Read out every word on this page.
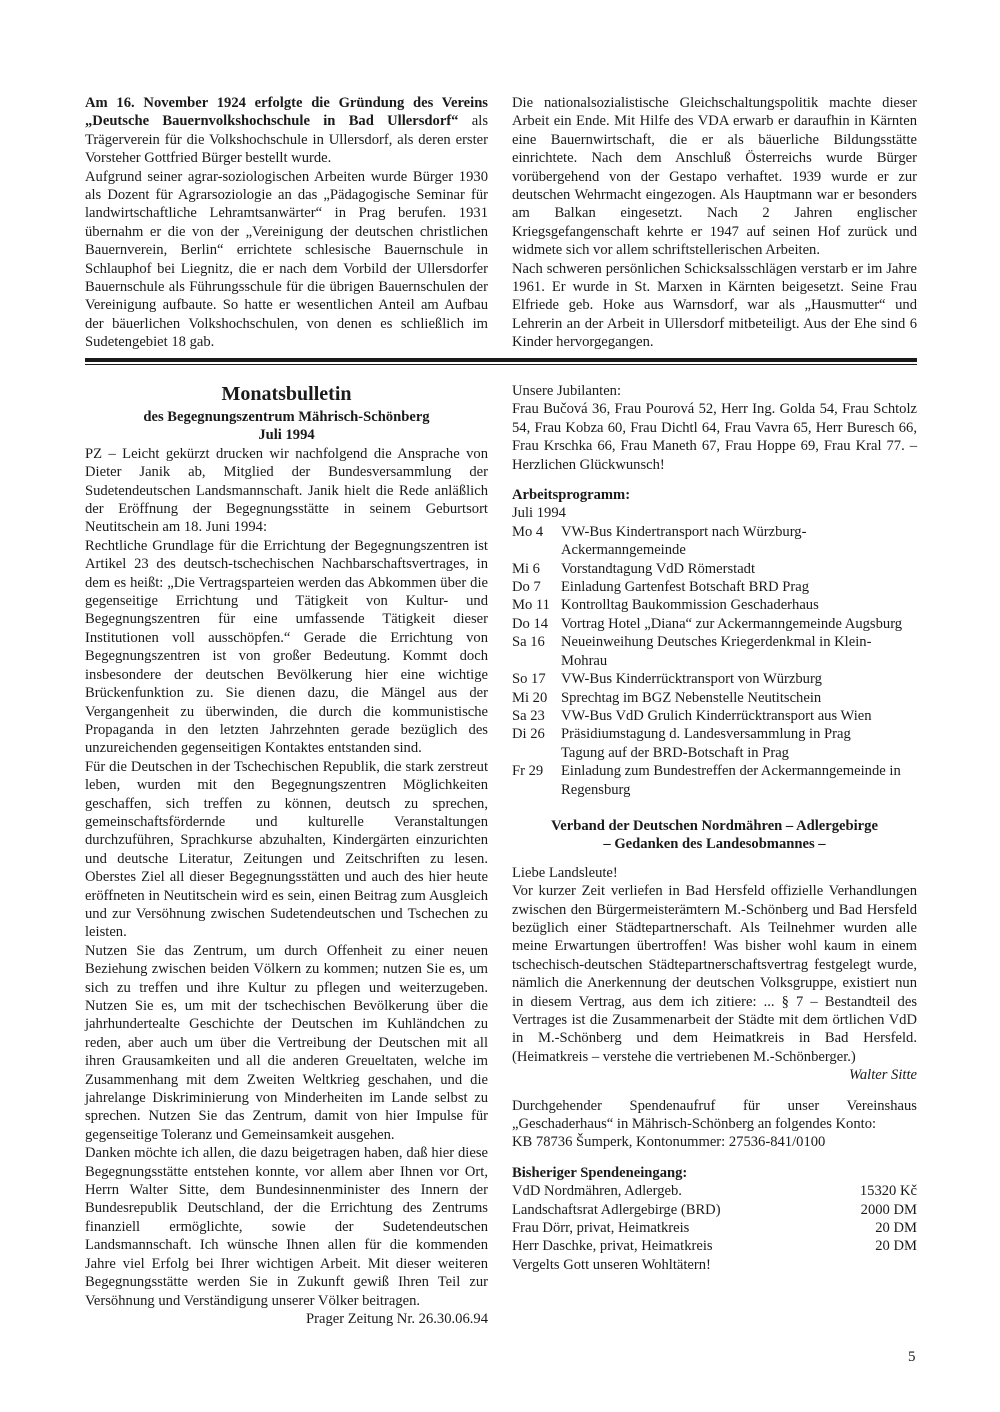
Am 16. November 1924 erfolgte die Gründung des Vereins „Deutsche Bauernvolkshochschule in Bad Ullersdorf“ als Trägerverein für die Volkshochschule in Ullersdorf, als deren erster Vorsteher Gottfried Bürger bestellt wurde.

Aufgrund seiner agrar-soziologischen Arbeiten wurde Bürger 1930 als Dozent für Agrarsoziologie an das „Pädagogische Seminar für landwirtschaftliche Lehramtsanwärter“ in Prag berufen. 1931 übernahm er die von der „Vereinigung der deutschen christlichen Bauernverein, Berlin“ errichtete schlesische Bauernschule in Schlauphof bei Liegnitz, die er nach dem Vorbild der Ullersdorfer Bauernschule als Führungsschule für die übrigen Bauernschulen der Vereinigung aufbaute. So hatte er wesentlichen Anteil am Aufbau der bäuerlichen Volkshochschulen, von denen es schließlich im Sudetengebiet 18 gab.

Die nationalsozialistische Gleichschaltungspolitik machte dieser Arbeit ein Ende. Mit Hilfe des VDA erwarb er daraufhin in Kärnten eine Bauernwirtschaft, die er als bäuerliche Bildungsstätte einrichtete. Nach dem Anschluß Österreichs wurde Bürger vorübergehend von der Gestapo verhaftet. 1939 wurde er zur deutschen Wehrmacht eingezogen. Als Hauptmann war er besonders am Balkan eingesetzt. Nach 2 Jahren englischer Kriegsgefangenschaft kehrte er 1947 auf seinen Hof zurück und widmete sich vor allem schriftstellerischen Arbeiten.

Nach schweren persönlichen Schicksalsschlägen verstarb er im Jahre 1961. Er wurde in St. Marxen in Kärnten beigesetzt. Seine Frau Elfriede geb. Hoke aus Warnsdorf, war als „Hausmutter“ und Lehrerin an der Arbeit in Ullersdorf mitbeteiligt. Aus der Ehe sind 6 Kinder hervorgegangen.

Monatsbulletin

des Begegnungszentrum Mährisch-Schönberg

Juli 1994

PZ – Leicht gekürzt drucken wir nachfolgend die Ansprache von Dieter Janik ab, Mitglied der Bundesversammlung der Sudetendeutschen Landsmannschaft. Janik hielt die Rede anläßlich der Eröffnung der Begegnungsstätte in seinem Geburtsort Neutitschein am 18. Juni 1994:

Rechtliche Grundlage für die Errichtung der Begegnungszentren ist Artikel 23 des deutsch-tschechischen Nachbarschaftsvertrages, in dem es heißt: „Die Vertragsparteien werden das Abkommen über die gegenseitige Errichtung und Tätigkeit von Kultur- und Begegnungszentren für eine umfassende Tätigkeit dieser Institutionen voll ausschöpfen.“ Gerade die Errichtung von Begegnungszentren ist von großer Bedeutung. Kommt doch insbesondere der deutschen Bevölkerung hier eine wichtige Brückenfunktion zu. Sie dienen dazu, die Mängel aus der Vergangenheit zu überwinden, die durch die kommunistische Propaganda in den letzten Jahrzehnten gerade bezüglich des unzureichenden gegenseitigen Kontaktes entstanden sind.

Für die Deutschen in der Tschechischen Republik, die stark zerstreut leben, wurden mit den Begegnungszentren Möglichkeiten geschaffen, sich treffen zu können, deutsch zu sprechen, gemeinschaftsfördernde und kulturelle Veranstaltungen durchzuführen, Sprachkurse abzuhalten, Kindergärten einzurichten und deutsche Literatur, Zeitungen und Zeitschriften zu lesen. Oberstes Ziel all dieser Begegnungsstätten und auch des hier heute eröffneten in Neutitschein wird es sein, einen Beitrag zum Ausgleich und zur Versöhnung zwischen Sudetendeutschen und Tschechen zu leisten.

Nutzen Sie das Zentrum, um durch Offenheit zu einer neuen Beziehung zwischen beiden Völkern zu kommen; nutzen Sie es, um sich zu treffen und ihre Kultur zu pflegen und weiterzugeben. Nutzen Sie es, um mit der tschechischen Bevölkerung über die jahrhundertealte Geschichte der Deutschen im Kuhländchen zu reden, aber auch um über die Vertreibung der Deutschen mit all ihren Grausamkeiten und all die anderen Greueltaten, welche im Zusammenhang mit dem Zweiten Weltkrieg geschahen, und die jahrelange Diskriminierung von Minderheiten im Lande selbst zu sprechen. Nutzen Sie das Zentrum, damit von hier Impulse für gegenseitige Toleranz und Gemeinsamkeit ausgehen.

Danken möchte ich allen, die dazu beigetragen haben, daß hier diese Begegnungsstätte entstehen konnte, vor allem aber Ihnen vor Ort, Herrn Walter Sitte, dem Bundesinnenminister des Innern der Bundesrepublik Deutschland, der die Errichtung des Zentrums finanziell ermöglichte, sowie der Sudetendeutschen Landsmannschaft. Ich wünsche Ihnen allen für die kommenden Jahre viel Erfolg bei Ihrer wichtigen Arbeit. Mit dieser weiteren Begegnungsstätte werden Sie in Zukunft gewiß Ihren Teil zur Versöhnung und Verständigung unserer Völker beitragen.

Prager Zeitung Nr. 26.30.06.94

Unsere Jubilanten:

Frau Bučová 36, Frau Pourová 52, Herr Ing. Golda 54, Frau Schtolz 54, Frau Kobza 60, Frau Dichtl 64, Frau Vavra 65, Herr Buresch 66, Frau Krschka 66, Frau Maneth 67, Frau Hoppe 69, Frau Kral 77. – Herzlichen Glückwunsch!

Arbeitsprogramm:

Juli 1994

Mo 4	VW-Bus Kindertransport nach Würzburg-Ackermanngemeinde
Mi 6	Vorstandtagung VdD Römerstadt
Do 7	Einladung Gartenfest Botschaft BRD Prag
Mo 11 Kontrolltag Baukommission Geschaderhaus
Do 14 Vortrag Hotel „Diana“ zur Ackermanngemeinde Augsburg
Sa 16	Neueinweihung Deutsches Kriegerdenkmal in Klein-Mohrau
So 17	VW-Bus Kinderrücktransport von Würzburg
Mi 20 Sprechtag im BGZ Nebenstelle Neutitschein
Sa 23	VW-Bus VdD Grulich Kinderrücktransport aus Wien
Di 26	Präsidiumstagung d. Landesversammlung in Prag
Tagung auf der BRD-Botschaft in Prag
Fr 29	Einladung zum Bundestreffen der Ackermanngemeinde in Regensburg

Verband der Deutschen Nordmähren – Adlergebirge

– Gedanken des Landesobmannes –

Liebe Landsleute!

Vor kurzer Zeit verliefen in Bad Hersfeld offizielle Verhandlungen zwischen den Bürgermeisterämtern M.-Schönberg und Bad Hersfeld bezüglich einer Städtepartnerschaft. Als Teilnehmer wurden alle meine Erwartungen übertroffen! Was bisher wohl kaum in einem tschechisch-deutschen Städtepartnerschaftsvertrag festgelegt wurde, nämlich die Anerkennung der deutschen Volksgruppe, existiert nun in diesem Vertrag, aus dem ich zitiere: ... § 7 – Bestandteil des Vertrages ist die Zusammenarbeit der Städte mit dem örtlichen VdD in M.-Schönberg und dem Heimatkreis in Bad Hersfeld. (Heimatkreis – verstehe die vertriebenen M.-Schönberger.)

Walter Sitte

Durchgehender Spendenaufruf für unser Vereinshaus „Geschaderhaus“ in Mährisch-Schönberg an folgendes Konto:

KB 78736 Šumperk, Kontonummer: 27536-841/0100

Bisheriger Spendeneingang:

VdD Nordmähren, Adlergeb.	15320 Kč
Landschaftsrat Adlergebirge (BRD)	2000 DM
Frau Dörr, privat, Heimatkreis	20 DM
Herr Daschke, privat, Heimatkreis	20 DM

Vergelts Gott unseren Wohltätern!

5
